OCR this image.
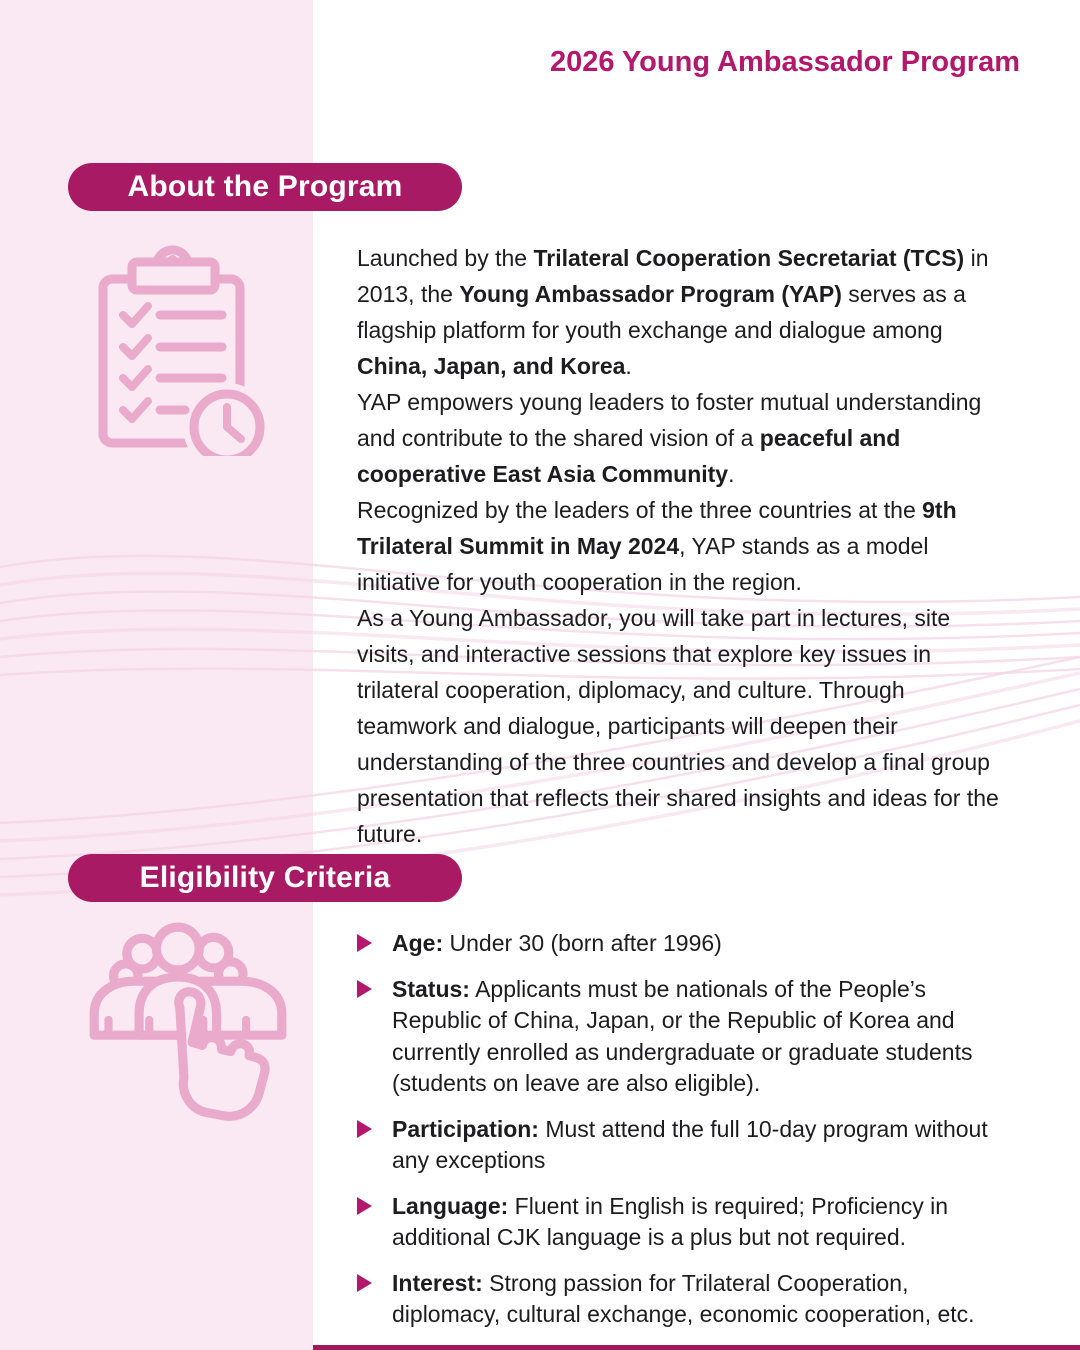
2026 Young Ambassador Program
About the Program

Launched by the Trilateral Cooperation Secretariat (TCS) in 2013, the Young Ambassador Program (YAP) serves as a flagship platform for youth exchange and dialogue among China, Japan, and Korea.

YAP empowers young leaders to foster mutual understanding and contribute to the shared vision of a peaceful and cooperative East Asia Community.

Recognized by the leaders of the three countries at the 9th Trilateral Summit in May 2024, YAP stands as a model initiative for youth cooperation in the region.

As a Young Ambassador, you will take part in lectures, site visits, and interactive sessions that explore key issues in trilateral cooperation, diplomacy, and culture. Through teamwork and dialogue, participants will deepen their understanding of the three countries and develop a final group presentation that reflects their shared insights and ideas for the future.

Eligibility Criteria
Age: Under 30 (born after 1996)
Status: Applicants must be nationals of the People’s Republic of China, Japan, or the Republic of Korea and currently enrolled as undergraduate or graduate students (students on leave are also eligible).
Participation: Must attend the full 10-day program without any exceptions
Language: Fluent in English is required; Proficiency in additional CJK language is a plus but not required.
Interest: Strong passion for Trilateral Cooperation, diplomacy, cultural exchange, economic cooperation, etc.
